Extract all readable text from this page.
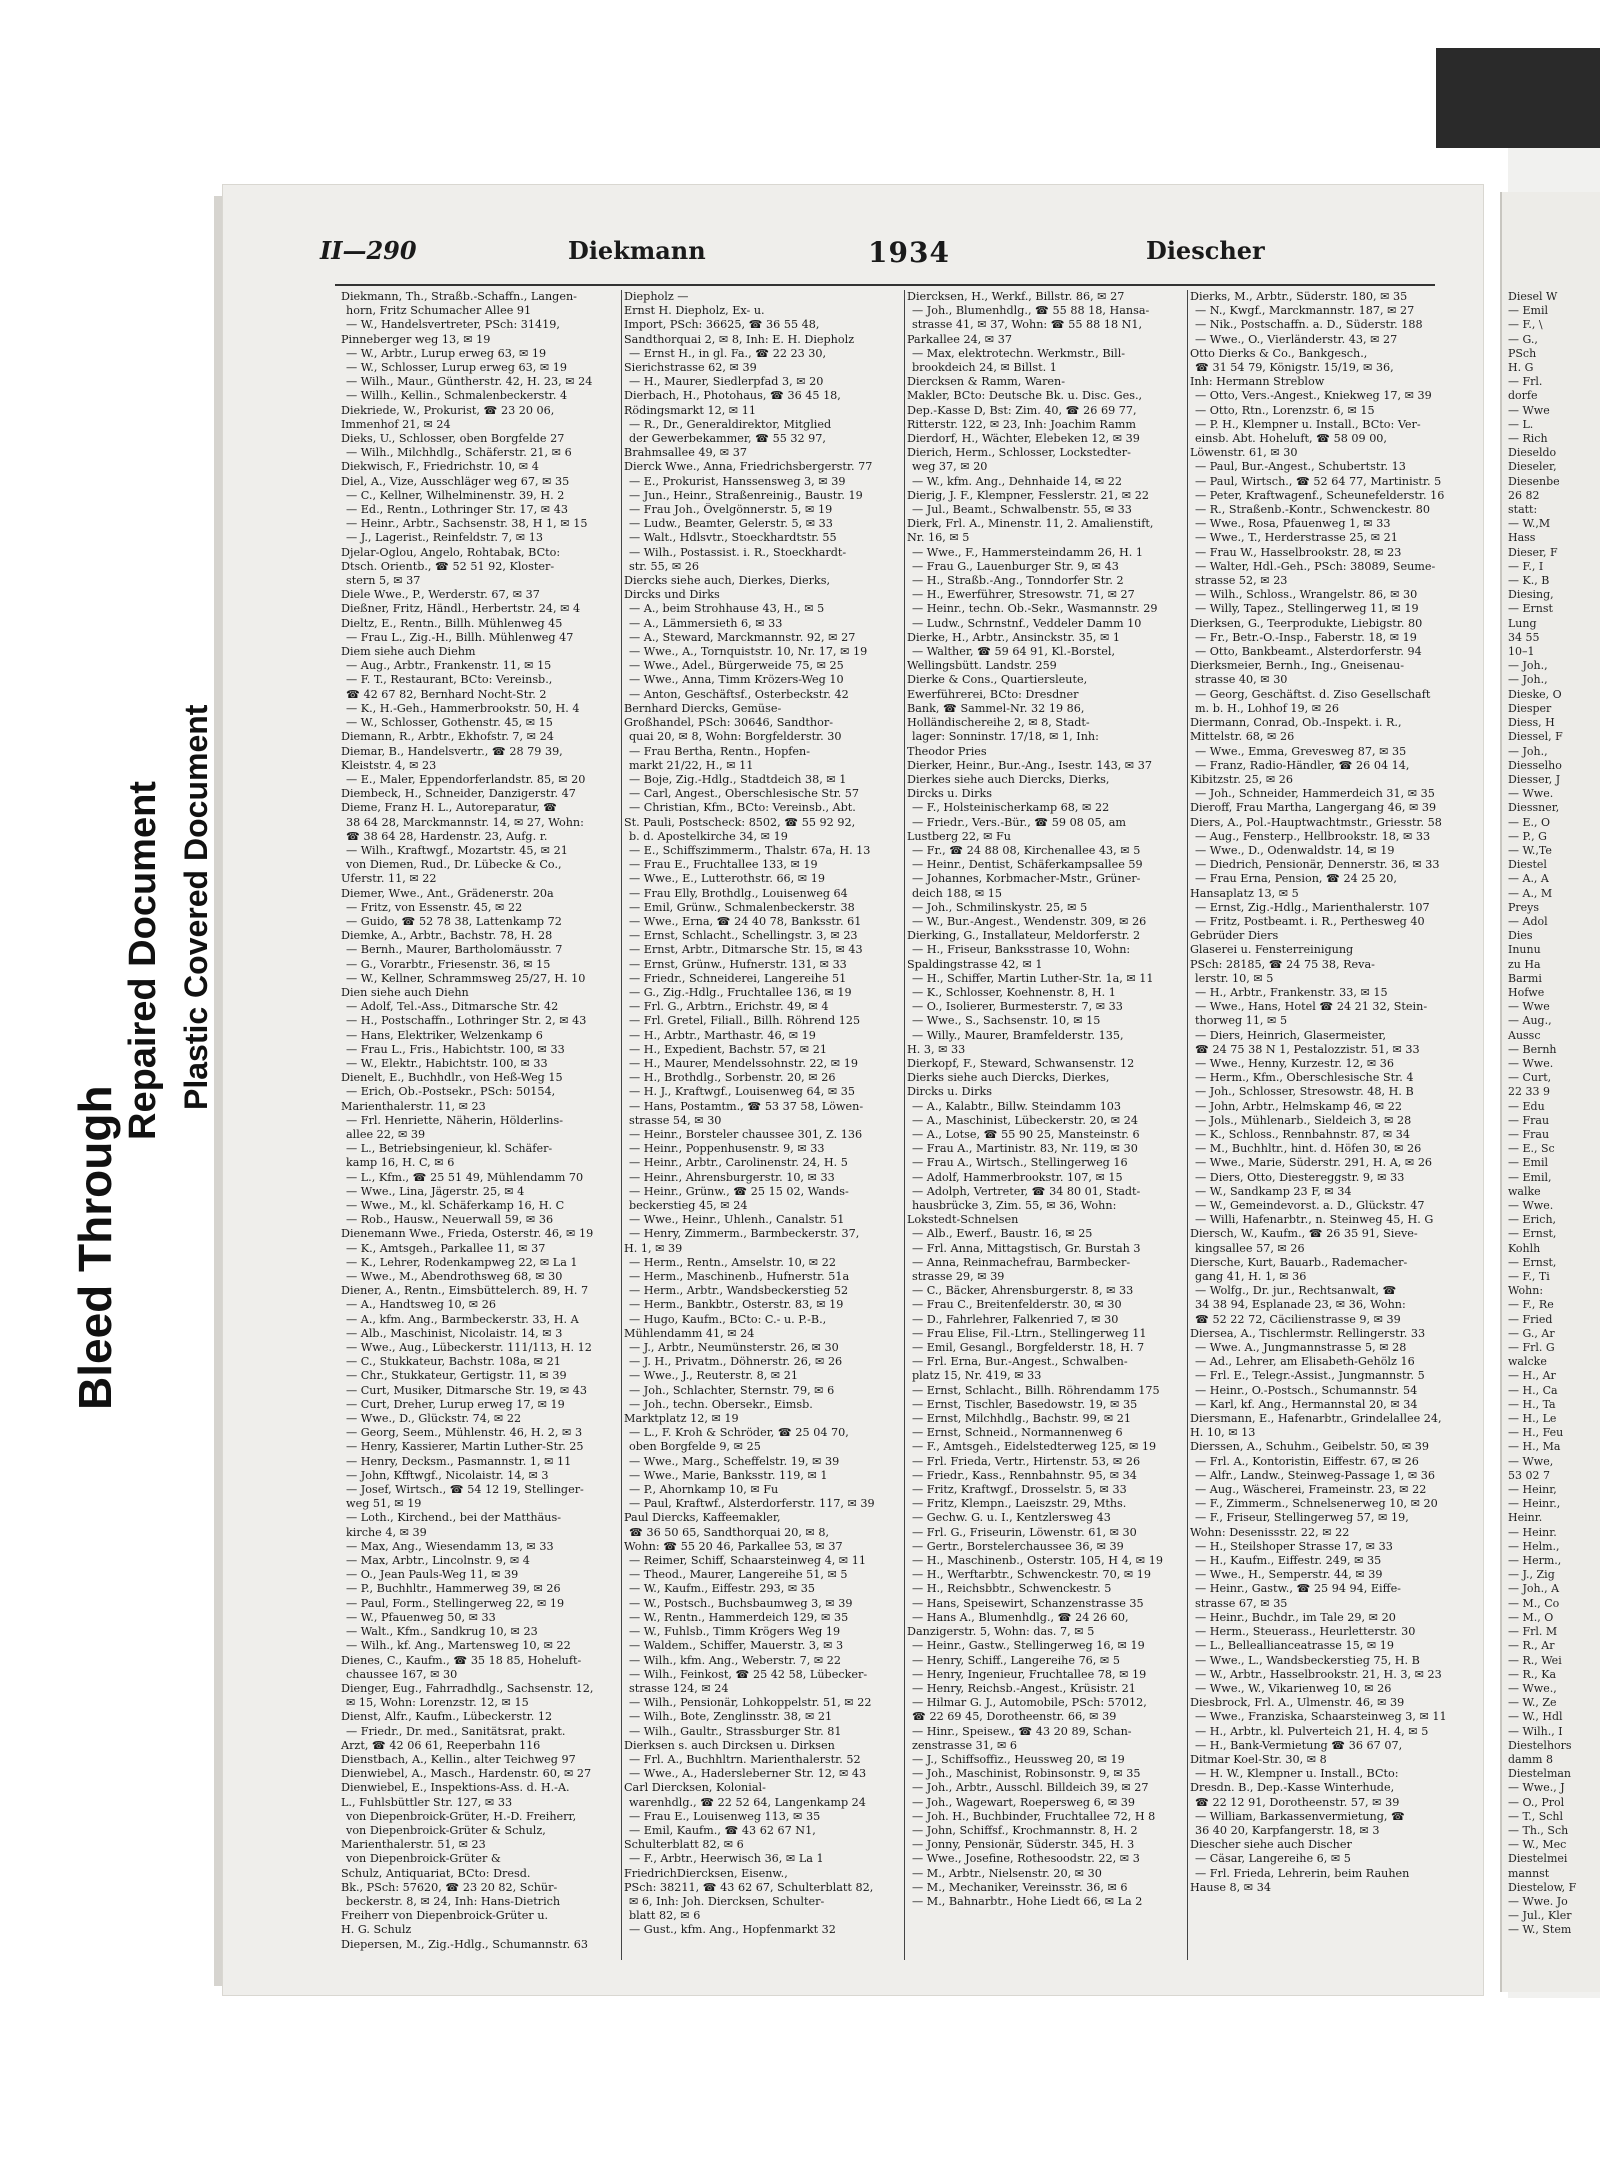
Bleed Through
Repaired Document Plastic Covered Document
Diesel W
— Emil
— F., \
— G.,
PSch
H. G
— Frl.
dorfe
— Wwe
— L.
— Rich
Dieseldo
Dieseler,
Diesenbe
26 82
statt:
— W.,M
Hass
Dieser, F
— F., I
— K., B
Diesing,
— Ernst
Lung
34 55
10–1
— Joh.,
— Joh.,
Dieske, O
Diesper
Diess, H
Diessel, F
— Joh.,
Diesselho
Diesser, J
— Wwe.
Diessner,
— E., O
— P., G
— W.,Te
Diestel
— A., A
— A., M
Preys
— Adol
Dies
Inunu
zu Ha
Barmi
Hofwe
— Wwe
— Aug.,
Aussc
— Bernh
— Wwe.
— Curt,
22 33 9
— Edu
— Frau
— Frau
— E., Sc
— Emil
— Emil,
walke
— Wwe.
— Erich,
— Ernst,
Kohlh
— Ernst,
— F., Ti
Wohn:
— F., Re
— Fried
— G., Ar
— Frl. G
walcke
— H., Ar
— H., Ca
— H., Ta
— H., Le
— H., Feu
— H., Ma
— Wwe,
53 02 7
— Heinr,
— Heinr.,
Heinr.
— Heinr.
— Helm.,
— Herm.,
— J., Zig
— Joh., A
— M., Co
— M., O
— Frl. M
— R., Ar
— R., Wei
— R., Ka
— Wwe.,
— W., Ze
— W., Hdl
— Wilh., I
Diestelhors
damm 8
Diestelman
— Wwe., J
— O., Prol
— T., Schl
— Th., Sch
— W., Mec
Diestelmei
mannst
Diestelow, F
— Wwe. Jo
— Jul., Kler
— W., Stem
II—290	Diekmann	1934	Diescher
Diekmann, Th., Straßb.-Schaffn., Langen-
horn, Fritz Schumacher Allee 91
— W., Handelsvertreter, PSch: 31419,
Pinneberger weg 13, ✉ 19
— W., Arbtr., Lurup erweg 63, ✉ 19
— W., Schlosser, Lurup erweg 63, ✉ 19
— Wilh., Maur., Güntherstr. 42, H. 23, ✉ 24
— Willh., Kellin., Schmalenbeckerstr. 4
Diekriede, W., Prokurist, ☎ 23 20 06,
Immenhof 21, ✉ 24
Dieks, U., Schlosser, oben Borgfelde 27
— Wilh., Milchhdlg., Schäferstr. 21, ✉ 6
Diekwisch, F., Friedrichstr. 10, ✉ 4
Diel, A., Vize, Ausschläger weg 67, ✉ 35
— C., Kellner, Wilhelminenstr. 39, H. 2
— Ed., Rentn., Lothringer Str. 17, ✉ 43
— Heinr., Arbtr., Sachsenstr. 38, H 1, ✉ 15
— J., Lagerist., Reinfeldstr. 7, ✉ 13
Djelar-Oglou, Angelo, Rohtabak, BCto:
Dtsch. Orientb., ☎ 52 51 92, Kloster-
stern 5, ✉ 37
Diele Wwe., P., Werderstr. 67, ✉ 37
Dießner, Fritz, Händl., Herbertstr. 24, ✉ 4
Dieltz, E., Rentn., Billh. Mühlenweg 45
— Frau L., Zig.-H., Billh. Mühlenweg 47
Diem siehe auch Diehm
— Aug., Arbtr., Frankenstr. 11, ✉ 15
— F. T., Restaurant, BCto: Vereinsb.,
☎ 42 67 82, Bernhard Nocht-Str. 2
— K., H.-Geh., Hammerbrookstr. 50, H. 4
— W., Schlosser, Gothenstr. 45, ✉ 15
Diemann, R., Arbtr., Ekhofstr. 7, ✉ 24
Diemar, B., Handelsvertr., ☎ 28 79 39,
Kleiststr. 4, ✉ 23
— E., Maler, Eppendorferlandstr. 85, ✉ 20
Diembeck, H., Schneider, Danzigerstr. 47
Dieme, Franz H. L., Autoreparatur, ☎
38 64 28, Marckmannstr. 14, ✉ 27, Wohn:
☎ 38 64 28, Hardenstr. 23, Aufg. r.
— Wilh., Kraftwgf., Mozartstr. 45, ✉ 21
von Diemen, Rud., Dr. Lübecke & Co.,
Uferstr. 11, ✉ 22
Diemer, Wwe., Ant., Grädenerstr. 20a
— Fritz, von Essenstr. 45, ✉ 22
— Guido, ☎ 52 78 38, Lattenkamp 72
Diemke, A., Arbtr., Bachstr. 78, H. 28
— Bernh., Maurer, Bartholomäusstr. 7
— G., Vorarbtr., Friesenstr. 36, ✉ 15
— W., Kellner, Schrammsweg 25/27, H. 10
Dien siehe auch Diehn
— Adolf, Tel.-Ass., Ditmarsche Str. 42
— H., Postschaffn., Lothringer Str. 2, ✉ 43
— Hans, Elektriker, Welzenkamp 6
— Frau L., Fris., Habichtstr. 100, ✉ 33
— W., Elektr., Habichtstr. 100, ✉ 33
Dienelt, E., Buchhdlr., von Heß-Weg 15
— Erich, Ob.-Postsekr., PSch: 50154,
Marienthalerstr. 11, ✉ 23
— Frl. Henriette, Näherin, Hölderlins-
allee 22, ✉ 39
— L., Betriebsingenieur, kl. Schäfer-
kamp 16, H. C, ✉ 6
— L., Kfm., ☎ 25 51 49, Mühlendamm 70
— Wwe., Lina, Jägerstr. 25, ✉ 4
— Wwe., M., kl. Schäferkamp 16, H. C
— Rob., Hausw., Neuerwall 59, ✉ 36
Dienemann Wwe., Frieda, Osterstr. 46, ✉ 19
— K., Amtsgeh., Parkallee 11, ✉ 37
— K., Lehrer, Rodenkampweg 22, ✉ La 1
— Wwe., M., Abendrothsweg 68, ✉ 30
Diener, A., Rentn., Eimsbüttelerch. 89, H. 7
— A., Handtsweg 10, ✉ 26
— A., kfm. Ang., Barmbeckerstr. 33, H. A
— Alb., Maschinist, Nicolaistr. 14, ✉ 3
— Wwe., Aug., Lübeckerstr. 111/113, H. 12
— C., Stukkateur, Bachstr. 108a, ✉ 21
— Chr., Stukkateur, Gertigstr. 11, ✉ 39
— Curt, Musiker, Ditmarsche Str. 19, ✉ 43
— Curt, Dreher, Lurup erweg 17, ✉ 19
— Wwe., D., Glückstr. 74, ✉ 22
— Georg, Seem., Mühlenstr. 46, H. 2, ✉ 3
— Henry, Kassierer, Martin Luther-Str. 25
— Henry, Decksm., Pasmannstr. 1, ✉ 11
— John, Kfftwgf., Nicolaistr. 14, ✉ 3
— Josef, Wirtsch., ☎ 54 12 19, Stellinger-
weg 51, ✉ 19
— Loth., Kirchend., bei der Matthäus-
kirche 4, ✉ 39
— Max, Ang., Wiesendamm 13, ✉ 33
— Max, Arbtr., Lincolnstr. 9, ✉ 4
— O., Jean Pauls-Weg 11, ✉ 39
— P., Buchhltr., Hammerweg 39, ✉ 26
— Paul, Form., Stellingerweg 22, ✉ 19
— W., Pfauenweg 50, ✉ 33
— Walt., Kfm., Sandkrug 10, ✉ 23
— Wilh., kf. Ang., Martensweg 10, ✉ 22
Dienes, C., Kaufm., ☎ 35 18 85, Hoheluft-
chaussee 167, ✉ 30
Dienger, Eug., Fahrradhdlg., Sachsenstr. 12,
✉ 15, Wohn: Lorenzstr. 12, ✉ 15
Dienst, Alfr., Kaufm., Lübeckerstr. 12
— Friedr., Dr. med., Sanitätsrat, prakt.
Arzt, ☎ 42 06 61, Reeperbahn 116
Dienstbach, A., Kellin., alter Teichweg 97
Dienwiebel, A., Masch., Hardenstr. 60, ✉ 27
Dienwiebel, E., Inspektions-Ass. d. H.-A.
L., Fuhlsbüttler Str. 127, ✉ 33
von Diepenbroick-Grüter, H.-D. Freiherr,
von Diepenbroick-Grüter & Schulz,
Marienthalerstr. 51, ✉ 23
von Diepenbroick-Grüter &
Schulz, Antiquariat, BCto: Dresd.
Bk., PSch: 57620, ☎ 23 20 82, Schür-
beckerstr. 8, ✉ 24, Inh: Hans-Dietrich
Freiherr von Diepenbroick-Grüter u.
H. G. Schulz
Diepersen, M., Zig.-Hdlg., Schumannstr. 63
Diepholz —
Ernst H. Diepholz, Ex- u.
Import, PSch: 36625, ☎ 36 55 48,
Sandthorquai 2, ✉ 8, Inh: E. H. Diepholz
— Ernst H., in gl. Fa., ☎ 22 23 30,
Sierichstrasse 62, ✉ 39
— H., Maurer, Siedlerpfad 3, ✉ 20
Dierbach, H., Photohaus, ☎ 36 45 18,
Rödingsmarkt 12, ✉ 11
— R., Dr., Generaldirektor, Mitglied
der Gewerbekammer, ☎ 55 32 97,
Brahmsallee 49, ✉ 37
Dierck Wwe., Anna, Friedrichsbergerstr. 77
— E., Prokurist, Hanssensweg 3, ✉ 39
— Jun., Heinr., Straßenreinig., Baustr. 19
— Frau Joh., Övelgönnerstr. 5, ✉ 19
— Ludw., Beamter, Gelerstr. 5, ✉ 33
— Walt., Hdlsvtr., Stoeckhardtstr. 55
— Wilh., Postassist. i. R., Stoeckhardt-
str. 55, ✉ 26
Diercks siehe auch, Dierkes, Dierks,
Dircks und Dirks
— A., beim Strohhause 43, H., ✉ 5
— A., Lämmersieth 6, ✉ 33
— A., Steward, Marckmannstr. 92, ✉ 27
— Wwe., A., Tornquiststr. 10, Nr. 17, ✉ 19
— Wwe., Adel., Bürgerweide 75, ✉ 25
— Wwe., Anna, Timm Krözers-Weg 10
— Anton, Geschäftsf., Osterbeckstr. 42
Bernhard Diercks, Gemüse-
Großhandel, PSch: 30646, Sandthor-
quai 20, ✉ 8, Wohn: Borgfelderstr. 30
— Frau Bertha, Rentn., Hopfen-
markt 21/22, H., ✉ 11
— Boje, Zig.-Hdlg., Stadtdeich 38, ✉ 1
— Carl, Angest., Oberschlesische Str. 57
— Christian, Kfm., BCto: Vereinsb., Abt.
St. Pauli, Postscheck: 8502, ☎ 55 92 92,
b. d. Apostelkirche 34, ✉ 19
— E., Schiffszimmerm., Thalstr. 67a, H. 13
— Frau E., Fruchtallee 133, ✉ 19
— Wwe., E., Lutterothstr. 66, ✉ 19
— Frau Elly, Brothdlg., Louisenweg 64
— Emil, Grünw., Schmalenbeckerstr. 38
— Wwe., Erna, ☎ 24 40 78, Banksstr. 61
— Ernst, Schlacht., Schellingstr. 3, ✉ 23
— Ernst, Arbtr., Ditmarsche Str. 15, ✉ 43
— Ernst, Grünw., Hufnerstr. 131, ✉ 33
— Friedr., Schneiderei, Langereihe 51
— G., Zig.-Hdlg., Fruchtallee 136, ✉ 19
— Frl. G., Arbtrn., Erichstr. 49, ✉ 4
— Frl. Gretel, Filiall., Billh. Röhrend 125
— H., Arbtr., Marthastr. 46, ✉ 19
— H., Expedient, Bachstr. 57, ✉ 21
— H., Maurer, Mendelssohnstr. 22, ✉ 19
— H., Brothdlg., Sorbenstr. 20, ✉ 26
— H. J., Kraftwgf., Louisenweg 64, ✉ 35
— Hans, Postamtm., ☎ 53 37 58, Löwen-
strasse 54, ✉ 30
— Heinr., Borsteler chaussee 301, Z. 136
— Heinr., Poppenhusenstr. 9, ✉ 33
— Heinr., Arbtr., Carolinenstr. 24, H. 5
— Heinr., Ahrensburgerstr. 10, ✉ 33
— Heinr., Grünw., ☎ 25 15 02, Wands-
beckerstieg 45, ✉ 24
— Wwe., Heinr., Uhlenh., Canalstr. 51
— Henry, Zimmerm., Barmbeckerstr. 37,
H. 1, ✉ 39
— Herm., Rentn., Amselstr. 10, ✉ 22
— Herm., Maschinenb., Hufnerstr. 51a
— Herm., Arbtr., Wandsbeckerstieg 52
— Herm., Bankbtr., Osterstr. 83, ✉ 19
— Hugo, Kaufm., BCto: C.- u. P.-B.,
Mühlendamm 41, ✉ 24
— J., Arbtr., Neumünsterstr. 26, ✉ 30
— J. H., Privatm., Döhnerstr. 26, ✉ 26
— Wwe., J., Reuterstr. 8, ✉ 21
— Joh., Schlachter, Sternstr. 79, ✉ 6
— Joh., techn. Obersekr., Eimsb.
Marktplatz 12, ✉ 19
— L., F. Kroh & Schröder, ☎ 25 04 70,
oben Borgfelde 9, ✉ 25
— Wwe., Marg., Scheffelstr. 19, ✉ 39
— Wwe., Marie, Banksstr. 119, ✉ 1
— P., Ahornkamp 10, ✉ Fu
— Paul, Kraftwf., Alsterdorferstr. 117, ✉ 39
Paul Diercks, Kaffeemakler,
☎ 36 50 65, Sandthorquai 20, ✉ 8,
Wohn: ☎ 55 20 46, Parkallee 53, ✉ 37
— Reimer, Schiff, Schaarsteinweg 4, ✉ 11
— Theod., Maurer, Langereihe 51, ✉ 5
— W., Kaufm., Eiffestr. 293, ✉ 35
— W., Postsch., Buchsbaumweg 3, ✉ 39
— W., Rentn., Hammerdeich 129, ✉ 35
— W., Fuhlsb., Timm Krögers Weg 19
— Waldem., Schiffer, Mauerstr. 3, ✉ 3
— Wilh., kfm. Ang., Weberstr. 7, ✉ 22
— Wilh., Feinkost, ☎ 25 42 58, Lübecker-
strasse 124, ✉ 24
— Wilh., Pensionär, Lohkoppelstr. 51, ✉ 22
— Wilh., Bote, Zenglinsstr. 38, ✉ 21
— Wilh., Gaultr., Strassburger Str. 81
Dierksen s. auch Dircksen u. Dirksen
— Frl. A., Buchhltrn. Marienthalerstr. 52
— Wwe., A., Hadersleberner Str. 12, ✉ 43
Carl Diercksen, Kolonial-
warenhdlg., ☎ 22 52 64, Langenkamp 24
— Frau E., Louisenweg 113, ✉ 35
— Emil, Kaufm., ☎ 43 62 67 N1,
Schulterblatt 82, ✉ 6
— F., Arbtr., Heerwisch 36, ✉ La 1
FriedrichDiercksen, Eisenw.,
PSch: 38211, ☎ 43 62 67, Schulterblatt 82,
✉ 6, Inh: Joh. Diercksen, Schulter-
blatt 82, ✉ 6
— Gust., kfm. Ang., Hopfenmarkt 32
Diercksen, H., Werkf., Billstr. 86, ✉ 27
— Joh., Blumenhdlg., ☎ 55 88 18, Hansa-
strasse 41, ✉ 37, Wohn: ☎ 55 88 18 N1,
Parkallee 24, ✉ 37
— Max, elektrotechn. Werkmstr., Bill-
brookdeich 24, ✉ Billst. 1
Diercksen & Ramm, Waren-
Makler, BCto: Deutsche Bk. u. Disc. Ges.,
Dep.-Kasse D, Bst: Zim. 40, ☎ 26 69 77,
Ritterstr. 122, ✉ 23, Inh: Joachim Ramm
Dierdorf, H., Wächter, Elebeken 12, ✉ 39
Dierich, Herm., Schlosser, Lockstedter-
weg 37, ✉ 20
— W., kfm. Ang., Dehnhaide 14, ✉ 22
Dierig, J. F., Klempner, Fesslerstr. 21, ✉ 22
— Jul., Beamt., Schwalbenstr. 55, ✉ 33
Dierk, Frl. A., Minenstr. 11, 2. Amalienstift,
Nr. 16, ✉ 5
— Wwe., F., Hammersteindamm 26, H. 1
— Frau G., Lauenburger Str. 9, ✉ 43
— H., Straßb.-Ang., Tonndorfer Str. 2
— H., Ewerführer, Stresowstr. 71, ✉ 27
— Heinr., techn. Ob.-Sekr., Wasmannstr. 29
— Ludw., Schrnstnf., Veddeler Damm 10
Dierke, H., Arbtr., Ansinckstr. 35, ✉ 1
— Walther, ☎ 59 64 91, Kl.-Borstel,
Wellingsbütt. Landstr. 259
Dierke & Cons., Quartiersleute,
Ewerführerei, BCto: Dresdner
Bank, ☎ Sammel-Nr. 32 19 86,
Holländischereihe 2, ✉ 8, Stadt-
lager: Sonninstr. 17/18, ✉ 1, Inh:
Theodor Pries
Dierker, Heinr., Bur.-Ang., Isestr. 143, ✉ 37
Dierkes siehe auch Diercks, Dierks,
Dircks u. Dirks
— F., Holsteinischerkamp 68, ✉ 22
— Friedr., Vers.-Bür., ☎ 59 08 05, am
Lustberg 22, ✉ Fu
— Fr., ☎ 24 88 08, Kirchenallee 43, ✉ 5
— Heinr., Dentist, Schäferkampsallee 59
— Johannes, Korbmacher-Mstr., Grüner-
deich 188, ✉ 15
— Joh., Schmilinskystr. 25, ✉ 5
— W., Bur.-Angest., Wendenstr. 309, ✉ 26
Dierking, G., Installateur, Meldorferstr. 2
— H., Friseur, Banksstrasse 10, Wohn:
Spaldingstrasse 42, ✉ 1
— H., Schiffer, Martin Luther-Str. 1a, ✉ 11
— K., Schlosser, Koehnenstr. 8, H. 1
— O., Isolierer, Burmesterstr. 7, ✉ 33
— Wwe., S., Sachsenstr. 10, ✉ 15
— Willy., Maurer, Bramfelderstr. 135,
H. 3, ✉ 33
Dierkopf, F., Steward, Schwansenstr. 12
Dierks siehe auch Diercks, Dierkes,
Dircks u. Dirks
— A., Kalabtr., Billw. Steindamm 103
— A., Maschinist, Lübeckerstr. 20, ✉ 24
— A., Lotse, ☎ 55 90 25, Mansteinstr. 6
— Frau A., Martinistr. 83, Nr. 119, ✉ 30
— Frau A., Wirtsch., Stellingerweg 16
— Adolf, Hammerbrookstr. 107, ✉ 15
— Adolph, Vertreter, ☎ 34 80 01, Stadt-
hausbrücke 3, Zim. 55, ✉ 36, Wohn:
Lokstedt-Schnelsen
— Alb., Ewerf., Baustr. 16, ✉ 25
— Frl. Anna, Mittagstisch, Gr. Burstah 3
— Anna, Reinmachefrau, Barmbecker-
strasse 29, ✉ 39
— C., Bäcker, Ahrensburgerstr. 8, ✉ 33
— Frau C., Breitenfelderstr. 30, ✉ 30
— D., Fahrlehrer, Falkenried 7, ✉ 30
— Frau Elise, Fil.-Ltrn., Stellingerweg 11
— Emil, Gesangl., Borgfelderstr. 18, H. 7
— Frl. Erna, Bur.-Angest., Schwalben-
platz 15, Nr. 419, ✉ 33
— Ernst, Schlacht., Billh. Röhrendamm 175
— Ernst, Tischler, Basedowstr. 19, ✉ 35
— Ernst, Milchhdlg., Bachstr. 99, ✉ 21
— Ernst, Schneid., Normannenweg 6
— F., Amtsgeh., Eidelstedterweg 125, ✉ 19
— Frl. Frieda, Vertr., Hirtenstr. 53, ✉ 26
— Friedr., Kass., Rennbahnstr. 95, ✉ 34
— Fritz, Kraftwgf., Drosselstr. 5, ✉ 33
— Fritz, Klempn., Laeiszstr. 29, Mths.
— Gechw. G. u. I., Kentzlersweg 43
— Frl. G., Friseurin, Löwenstr. 61, ✉ 30
— Gertr., Borstelerchaussee 36, ✉ 39
— H., Maschinenb., Osterstr. 105, H 4, ✉ 19
— H., Werftarbtr., Schwenckestr. 70, ✉ 19
— H., Reichsbbtr., Schwenckestr. 5
— Hans, Speisewirt, Schanzenstrasse 35
— Hans A., Blumenhdlg., ☎ 24 26 60,
Danzigerstr. 5, Wohn: das. 7, ✉ 5
— Heinr., Gastw., Stellingerweg 16, ✉ 19
— Henry, Schiff., Langereihe 76, ✉ 5
— Henry, Ingenieur, Fruchtallee 78, ✉ 19
— Henry, Reichsb.-Angest., Krüsistr. 21
— Hilmar G. J., Automobile, PSch: 57012,
☎ 22 69 45, Dorotheenstr. 66, ✉ 39
— Hinr., Speisew., ☎ 43 20 89, Schan-
zenstrasse 31, ✉ 6
— J., Schiffsoffiz., Heussweg 20, ✉ 19
— Joh., Maschinist, Robinsonstr. 9, ✉ 35
— Joh., Arbtr., Ausschl. Billdeich 39, ✉ 27
— Joh., Wagewart, Roepersweg 6, ✉ 39
— Joh. H., Buchbinder, Fruchtallee 72, H 8
— John, Schiffsf., Krochmannstr. 8, H. 2
— Jonny, Pensionär, Süderstr. 345, H. 3
— Wwe., Josefine, Rothesoodstr. 22, ✉ 3
— M., Arbtr., Nielsenstr. 20, ✉ 30
— M., Mechaniker, Vereinsstr. 36, ✉ 6
— M., Bahnarbtr., Hohe Liedt 66, ✉ La 2
Dierks, M., Arbtr., Süderstr. 180, ✉ 35
— N., Kwgf., Marckmannstr. 187, ✉ 27
— Nik., Postschaffn. a. D., Süderstr. 188
— Wwe., O., Vierländerstr. 43, ✉ 27
Otto Dierks & Co., Bankgesch.,
☎ 31 54 79, Königstr. 15/19, ✉ 36,
Inh: Hermann Streblow
— Otto, Vers.-Angest., Kniekweg 17, ✉ 39
— Otto, Rtn., Lorenzstr. 6, ✉ 15
— P. H., Klempner u. Install., BCto: Ver-
einsb. Abt. Hoheluft, ☎ 58 09 00,
Löwenstr. 61, ✉ 30
— Paul, Bur.-Angest., Schubertstr. 13
— Paul, Wirtsch., ☎ 52 64 77, Martinistr. 5
— Peter, Kraftwagenf., Scheunefelderstr. 16
— R., Straßenb.-Kontr., Schwenckestr. 80
— Wwe., Rosa, Pfauenweg 1, ✉ 33
— Wwe., T., Herderstrasse 25, ✉ 21
— Frau W., Hasselbrookstr. 28, ✉ 23
— Walter, Hdl.-Geh., PSch: 38089, Seume-
strasse 52, ✉ 23
— Wilh., Schloss., Wrangelstr. 86, ✉ 30
— Willy, Tapez., Stellingerweg 11, ✉ 19
Dierksen, G., Teerprodukte, Liebigstr. 80
— Fr., Betr.-O.-Insp., Faberstr. 18, ✉ 19
— Otto, Bankbeamt., Alsterdorferstr. 94
Dierksmeier, Bernh., Ing., Gneisenau-
strasse 40, ✉ 30
— Georg, Geschäftst. d. Ziso Gesellschaft
m. b. H., Lohhof 19, ✉ 26
Diermann, Conrad, Ob.-Inspekt. i. R.,
Mittelstr. 68, ✉ 26
— Wwe., Emma, Grevesweg 87, ✉ 35
— Franz, Radio-Händler, ☎ 26 04 14,
Kibitzstr. 25, ✉ 26
— Joh., Schneider, Hammerdeich 31, ✉ 35
Dieroff, Frau Martha, Langergang 46, ✉ 39
Diers, A., Pol.-Hauptwachtmstr., Griesstr. 58
— Aug., Fensterp., Hellbrookstr. 18, ✉ 33
— Wwe., D., Odenwaldstr. 14, ✉ 19
— Diedrich, Pensionär, Dennerstr. 36, ✉ 33
— Frau Erna, Pension, ☎ 24 25 20,
Hansaplatz 13, ✉ 5
— Ernst, Zig.-Hdlg., Marienthalerstr. 107
— Fritz, Postbeamt. i. R., Perthesweg 40
Gebrüder Diers
Glaserei u. Fensterreinigung
PSch: 28185, ☎ 24 75 38, Reva-
lerstr. 10, ✉ 5
— H., Arbtr., Frankenstr. 33, ✉ 15
— Wwe., Hans, Hotel ☎ 24 21 32, Stein-
thorweg 11, ✉ 5
— Diers, Heinrich, Glasermeister,
☎ 24 75 38 N 1, Pestalozzistr. 51, ✉ 33
— Wwe., Henny, Kurzestr. 12, ✉ 36
— Herm., Kfm., Oberschlesische Str. 4
— Joh., Schlosser, Stresowstr. 48, H. B
— John, Arbtr., Helmskamp 46, ✉ 22
— Jols., Mühlenarb., Sieldeich 3, ✉ 28
— K., Schloss., Rennbahnstr. 87, ✉ 34
— M., Buchhltr., hint. d. Höfen 30, ✉ 26
— Wwe., Marie, Süderstr. 291, H. A, ✉ 26
— Diers, Otto, Diestereggstr. 9, ✉ 33
— W., Sandkamp 23 F, ✉ 34
— W., Gemeindevorst. a. D., Glückstr. 47
— Willi, Hafenarbtr., n. Steinweg 45, H. G
Diersch, W., Kaufm., ☎ 26 35 91, Sieve-
kingsallee 57, ✉ 26
Diersche, Kurt, Bauarb., Rademacher-
gang 41, H. 1, ✉ 36
— Wolfg., Dr. jur., Rechtsanwalt, ☎
34 38 94, Esplanade 23, ✉ 36, Wohn:
☎ 52 22 72, Cäcilienstrasse 9, ✉ 39
Diersea, A., Tischlermstr. Rellingerstr. 33
— Wwe. A., Jungmannstrasse 5, ✉ 28
— Ad., Lehrer, am Elisabeth-Gehölz 16
— Frl. E., Telegr.-Assist., Jungmannstr. 5
— Heinr., O.-Postsch., Schumannstr. 54
— Karl, kf. Ang., Hermannstal 20, ✉ 34
Diersmann, E., Hafenarbtr., Grindelallee 24,
H. 10, ✉ 13
Dierssen, A., Schuhm., Geibelstr. 50, ✉ 39
— Frl. A., Kontoristin, Eiffestr. 67, ✉ 26
— Alfr., Landw., Steinweg-Passage 1, ✉ 36
— Aug., Wäscherei, Frameinstr. 23, ✉ 22
— F., Zimmerm., Schnelsenerweg 10, ✉ 20
— F., Friseur, Stellingerweg 57, ✉ 19,
Wohn: Desenissstr. 22, ✉ 22
— H., Steilshoper Strasse 17, ✉ 33
— H., Kaufm., Eiffestr. 249, ✉ 35
— Wwe., H., Semperstr. 44, ✉ 39
— Heinr., Gastw., ☎ 25 94 94, Eiffe-
strasse 67, ✉ 35
— Heinr., Buchdr., im Tale 29, ✉ 20
— Herm., Steuerass., Heurletterstr. 30
— L., Belleallianceatrasse 15, ✉ 19
— Wwe., L., Wandsbeckerstieg 75, H. B
— W., Arbtr., Hasselbrookstr. 21, H. 3, ✉ 23
— Wwe., W., Vikarienweg 10, ✉ 26
Diesbrock, Frl. A., Ulmenstr. 46, ✉ 39
— Wwe., Franziska, Schaarsteinweg 3, ✉ 11
— H., Arbtr., kl. Pulverteich 21, H. 4, ✉ 5
— H., Bank-Vermietung ☎ 36 67 07,
Ditmar Koel-Str. 30, ✉ 8
— H. W., Klempner u. Install., BCto:
Dresdn. B., Dep.-Kasse Winterhude,
☎ 22 12 91, Dorotheenstr. 57, ✉ 39
— William, Barkassenvermietung, ☎
36 40 20, Karpfangerstr. 18, ✉ 3
Diescher siehe auch Discher
— Cäsar, Langereihe 6, ✉ 5
— Frl. Frieda, Lehrerin, beim Rauhen
Hause 8, ✉ 34
